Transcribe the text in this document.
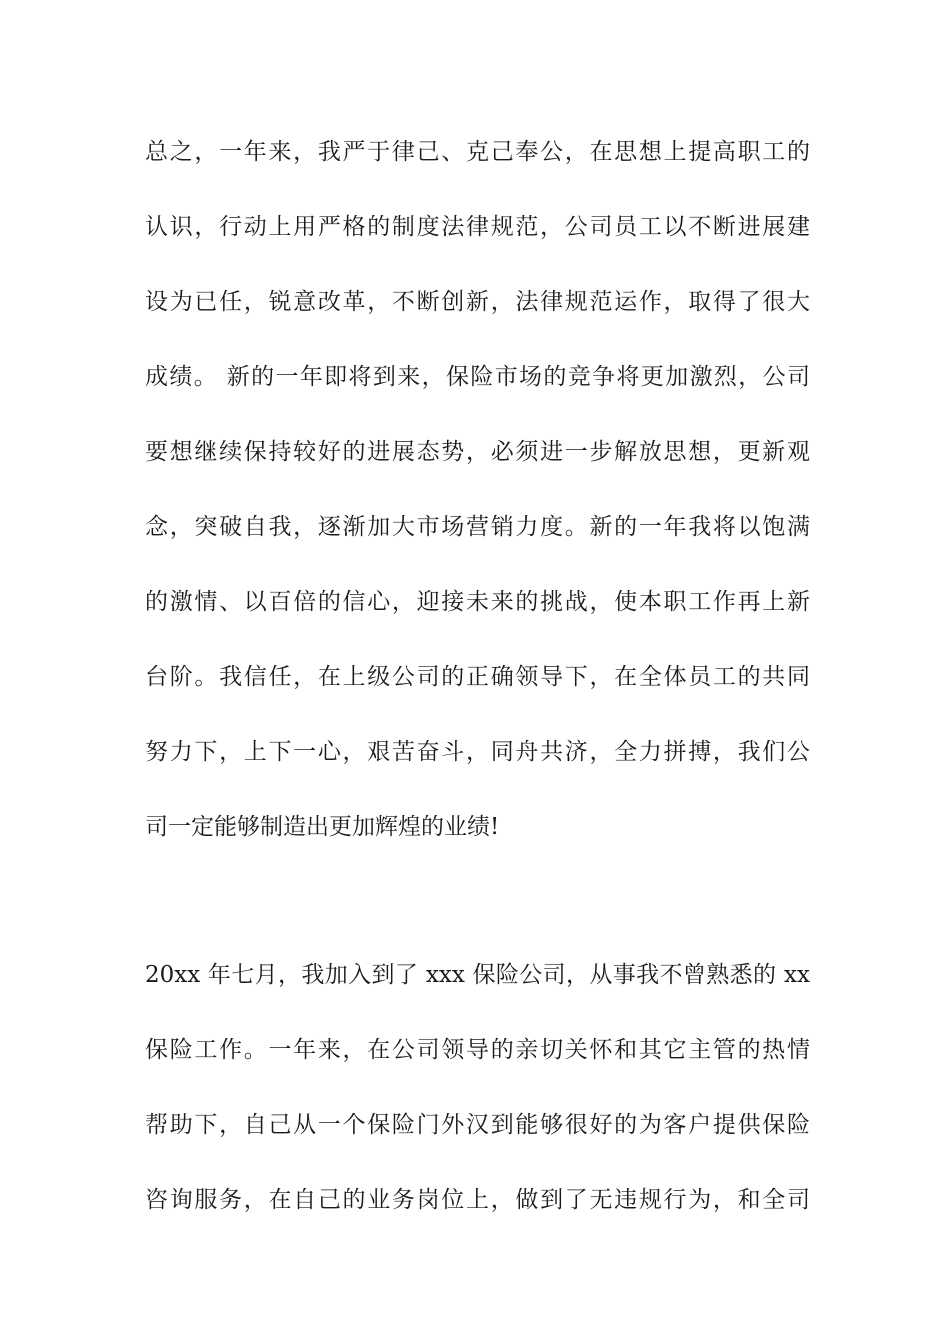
总之，一年来，我严于律己、克己奉公，在思想上提高职工的
认识，行动上用严格的制度法律规范，公司员工以不断进展建
设为已任，锐意改革，不断创新，法律规范运作，取得了很大
成绩。 新的一年即将到来，保险市场的竞争将更加激烈，公司
要想继续保持较好的进展态势，必须进一步解放思想，更新观
念，突破自我，逐渐加大市场营销力度。新的一年我将以饱满
的激情、以百倍的信心，迎接未来的挑战，使本职工作再上新
台阶。我信任，在上级公司的正确领导下，在全体员工的共同
努力下，上下一心，艰苦奋斗，同舟共济，全力拼搏，我们公
司一定能够制造出更加辉煌的业绩!
20xx 年七月，我加入到了 xxx 保险公司，从事我不曾熟悉的 xx
保险工作。一年来，在公司领导的亲切关怀和其它主管的热情
帮助下，自己从一个保险门外汉到能够很好的为客户提供保险
咨询服务，在自己的业务岗位上，做到了无违规行为，和全司
